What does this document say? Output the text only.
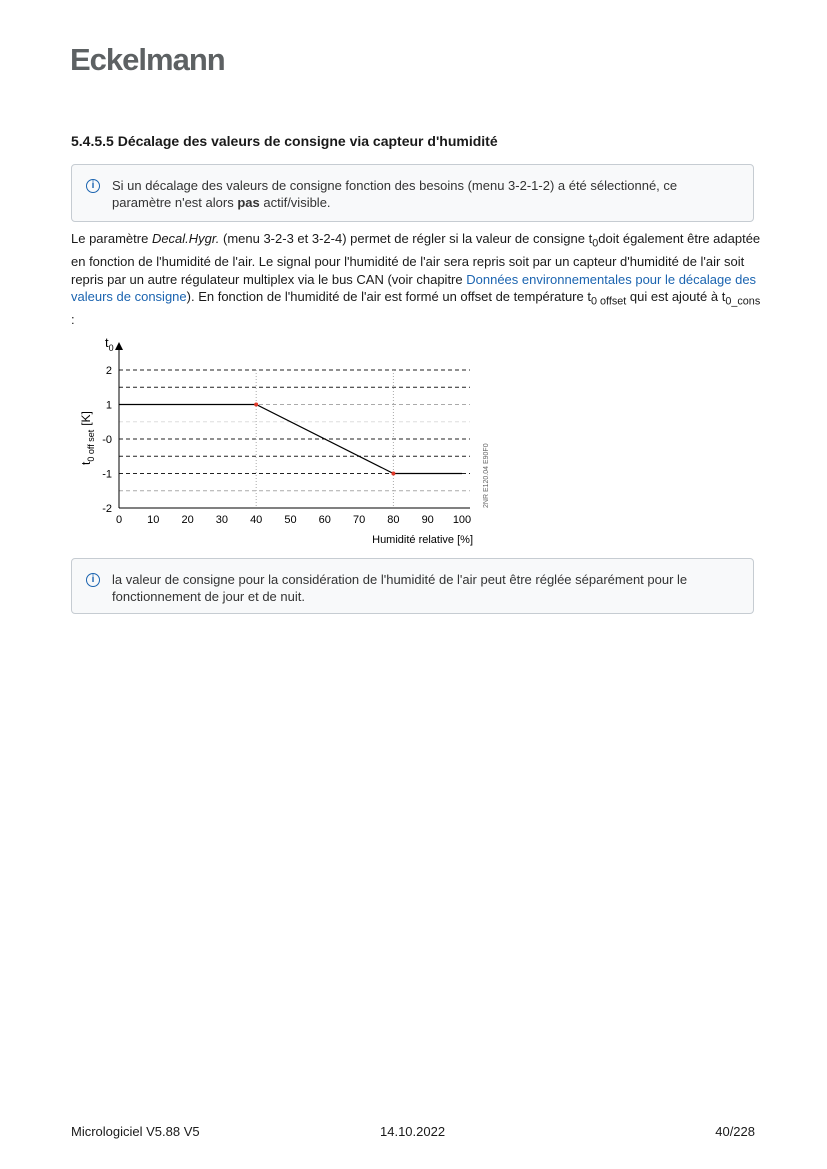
Eckelmann
5.4.5.5 Décalage des valeurs de consigne via capteur d'humidité
i	Si un décalage des valeurs de consigne fonction des besoins (menu 3-2-1-2) a été sélectionné, ce paramètre n'est alors pas actif/visible.
Le paramètre Decal.Hygr. (menu 3-2-3 et 3-2-4) permet de régler si la valeur de consigne $t_0doit$ également être adaptée en fonction de l'humidité de l'air. Le signal pour l'humidité de l'air sera repris soit par un capteur d'humidité de l'air soit repris par un autre régulateur multiplex via le bus CAN (voir chapitre Données environnementales pour le décalage des valeurs de consigne). En fonction de l'humidité de l'air est formé un offset de température $t_{0 offset}$ qui est ajouté à $t_{0\_cons}$ :
0 10 20 30 40 50 60 70 80 90 100
2
1
-0
-1
-2
$t_0$
$t_{0 off set}[K]$
Humidité relative [%]
2NR E120.04 E90F0
i	la valeur de consigne pour la considération de l'humidité de l'air peut être réglée séparément pour le fonctionnement de jour et de nuit.
Micrologiciel V5.88 V5	14.10.2022	40/228
